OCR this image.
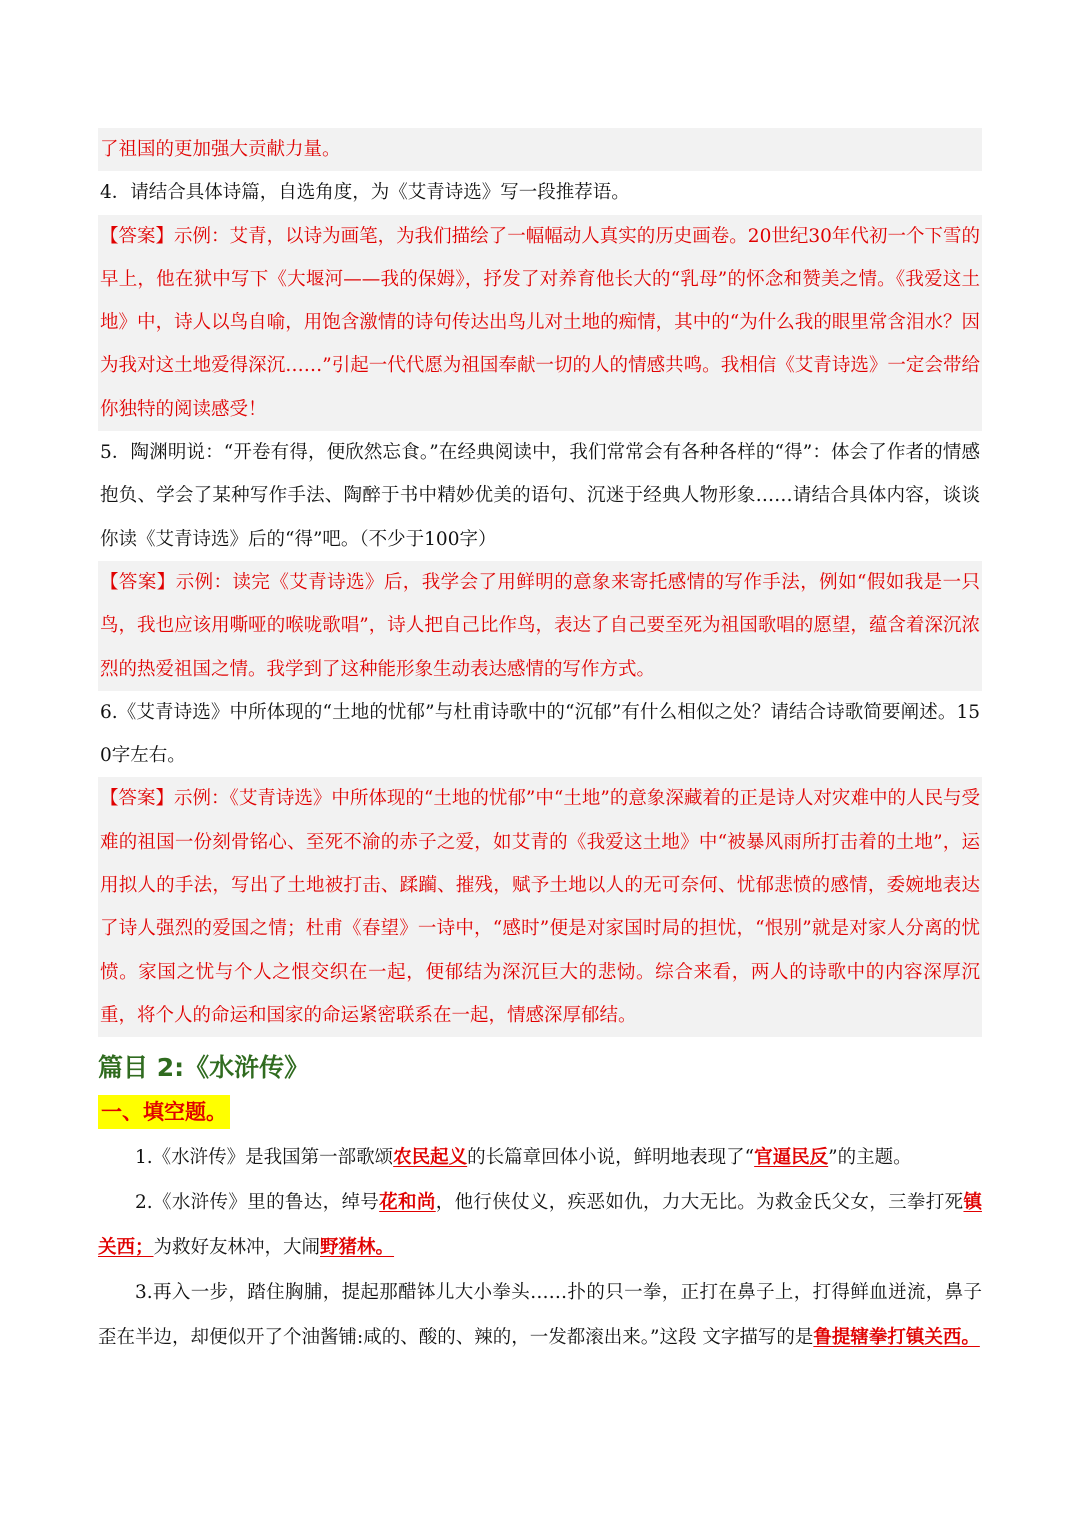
了祖国的更加强大贡献力量。
4．请结合具体诗篇，自选角度，为《艾青诗选》写一段推荐语。
【答案】示例：艾青，以诗为画笔，为我们描绘了一幅幅动人真实的历史画卷。20世纪30年代初一个下雪的早上，他在狱中写下《大堰河——我的保姆》，抒发了对养育他长大的“乳母”的怀念和赞美之情。《我爱这土地》中，诗人以鸟自喻，用饱含激情的诗句传达出鸟儿对土地的痴情，其中的“为什么我的眼里常含泪水？因为我对这土地爱得深沉……”引起一代代愿为祖国奉献一切的人的情感共鸣。我相信《艾青诗选》一定会带给你独特的阅读感受！
5．陶渊明说：“开卷有得，便欣然忘食。”在经典阅读中，我们常常会有各种各样的“得”：体会了作者的情感抱负、学会了某种写作手法、陶醉于书中精妙优美的语句、沉迷于经典人物形象……请结合具体内容，谈谈你读《艾青诗选》后的“得”吧。（不少于100字）
【答案】示例：读完《艾青诗选》后，我学会了用鲜明的意象来寄托感情的写作手法，例如“假如我是一只鸟，我也应该用嘶哑的喉咙歌唱”，诗人把自己比作鸟，表达了自己要至死为祖国歌唱的愿望，蕴含着深沉浓烈的热爱祖国之情。我学到了这种能形象生动表达感情的写作方式。
6.《艾青诗选》中所体现的“土地的忧郁”与杜甫诗歌中的“沉郁”有什么相似之处？请结合诗歌简要阐述。150字左右。
【答案】示例：《艾青诗选》中所体现的“土地的忧郁”中“土地”的意象深藏着的正是诗人对灾难中的人民与受难的祖国一份刻骨铭心、至死不渝的赤子之爱，如艾青的《我爱这土地》中“被暴风雨所打击着的土地”，运用拟人的手法，写出了土地被打击、蹂躏、摧残，赋予土地以人的无可奈何、忧郁悲愤的感情，委婉地表达了诗人强烈的爱国之情；杜甫《春望》一诗中，“感时”便是对家国时局的担忧，“恨别”就是对家人分离的忧愤。家国之忧与个人之恨交织在一起，便郁结为深沉巨大的悲恸。综合来看，两人的诗歌中的内容深厚沉重，将个人的命运和国家的命运紧密联系在一起，情感深厚郁结。
篇目 2:《水浒传》
一、填空题。
1.《水浒传》是我国第一部歌颂农民起义的长篇章回体小说，鲜明地表现了“官逼民反”的主题。
2.《水浒传》里的鲁达，绰号花和尚，他行侠仗义，疾恶如仇，力大无比。为救金氏父女，三拳打死镇关西；为救好友林冲，大闹野猪林。
3.再入一步，踏住胸脯，提起那醋钵儿大小拳头……扑的只一拳，正打在鼻子上，打得鲜血迸流，鼻子歪在半边，却便似开了个油酱铺:咸的、酸的、辣的，一发都滚出来。”这段 文字描写的是鲁提辖拳打镇关西。
